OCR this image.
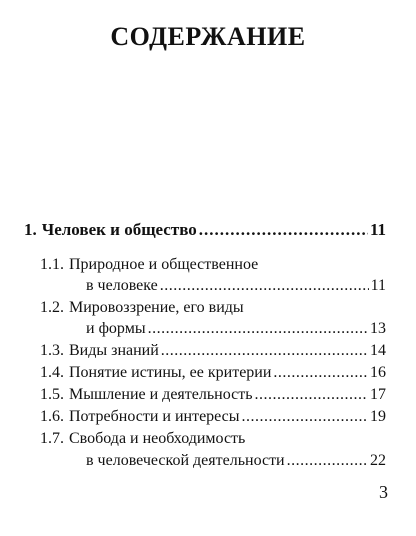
СОДЕРЖАНИЕ
1. Человек и общество .....	11
1.1. Природное и общественное
в человеке .....	11
1.2. Мировоззрение, его виды
и формы .....	13
1.3. Виды знаний .....	14
1.4. Понятие истины, ее критерии .....	16
1.5. Мышление и деятельность .....	17
1.6. Потребности и интересы .....	19
1.7. Свобода и необходимость
в человеческой деятельности .....	22
3
